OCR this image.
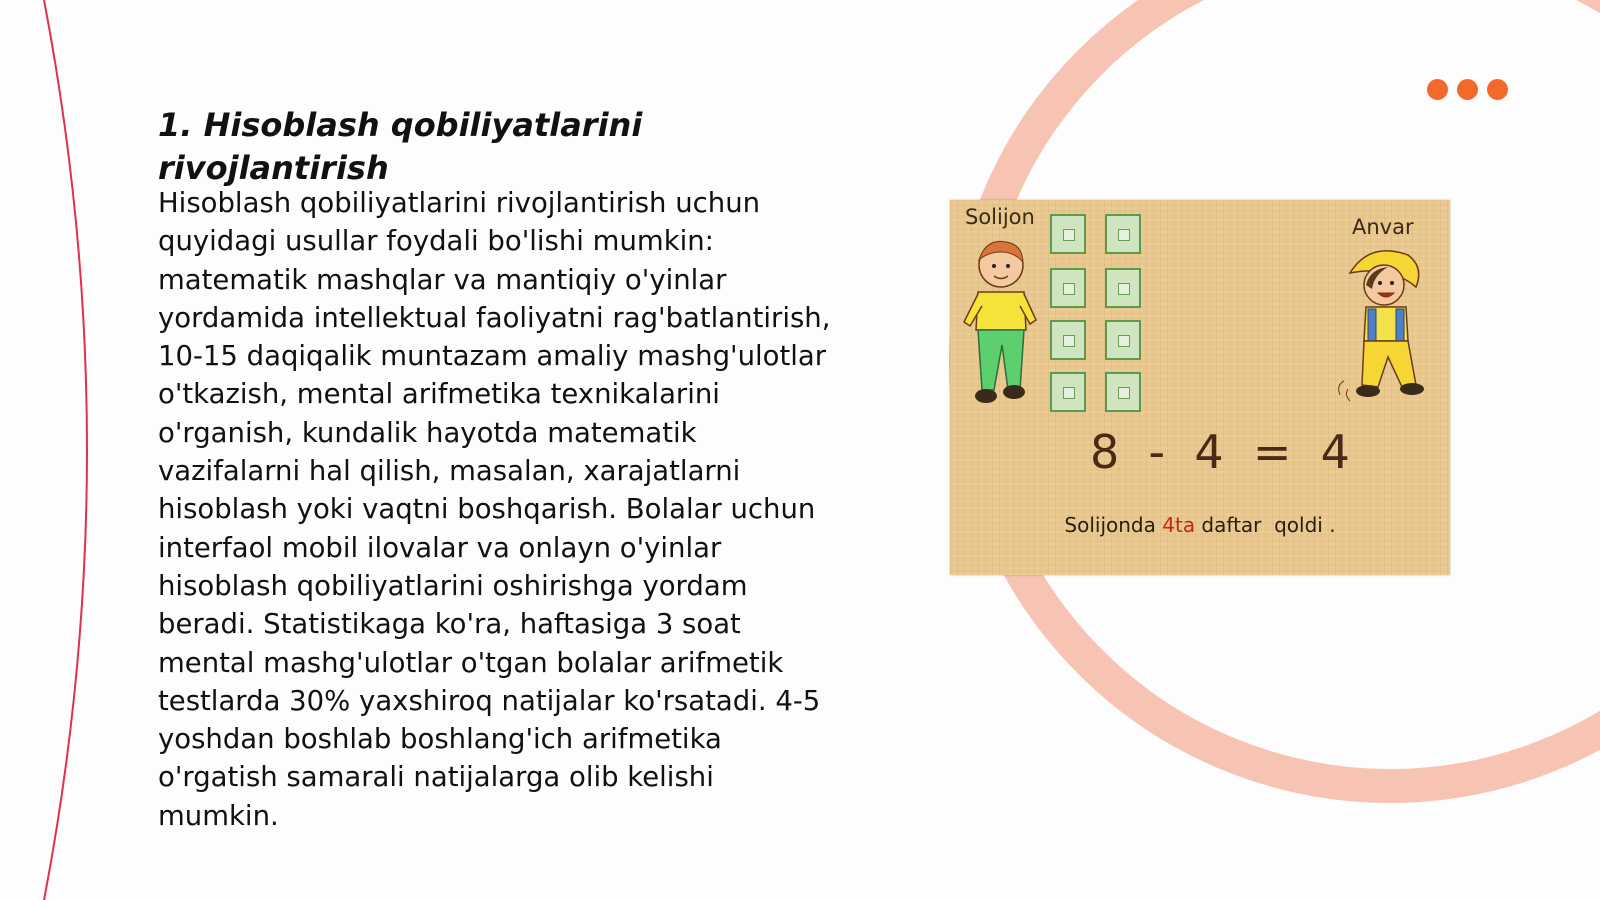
1. Hisoblash qobiliyatlarini rivojlantirish

Hisoblash qobiliyatlarini rivojlantirish uchun quyidagi usullar foydali bo'lishi mumkin: matematik mashqlar va mantiqiy o'yinlar yordamida intellektual faoliyatni rag'batlantirish, 10-15 daqiqalik muntazam amaliy mashg'ulotlar o'tkazish, mental arifmetika texnikalarini o'rganish, kundalik hayotda matematik vazifalarni hal qilish, masalan, xarajatlarni hisoblash yoki vaqtni boshqarish. Bolalar uchun interfaol mobil ilovalar va onlayn o'yinlar hisoblash qobiliyatlarini oshirishga yordam beradi. Statistikaga ko'ra, haftasiga 3 soat mental mashg'ulotlar o'tgan bolalar arifmetik testlarda 30% yaxshiroq natijalar ko'rsatadi. 4-5 yoshdan boshlab boshlang'ich arifmetika o'rgatish samarali natijalarga olib kelishi mumkin.

Solijon	Anvar
8  -  4  =  4
Solijonda 4ta daftar  qoldi .
